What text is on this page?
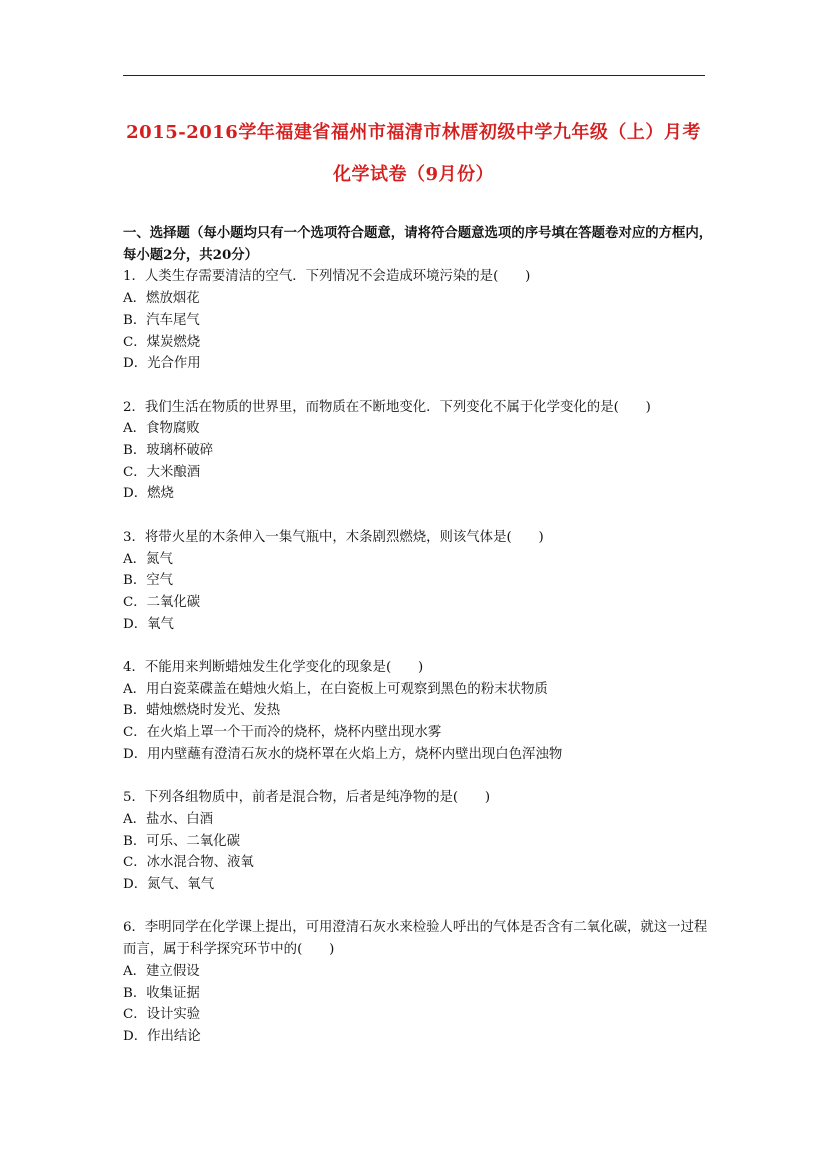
2015-2016学年福建省福州市福清市林厝初级中学九年级（上）月考
化学试卷（9月份）

一、选择题（每小题均只有一个选项符合题意，请将符合题意选项的序号填在答题卷对应的方框内，每小题2分，共20分）

1．人类生存需要清洁的空气．下列情况不会造成环境污染的是(　　)

A．燃放烟花

B．汽车尾气

C．煤炭燃烧

D．光合作用

2．我们生活在物质的世界里，而物质在不断地变化．下列变化不属于化学变化的是(　　)

A．食物腐败

B．玻璃杯破碎

C．大米酿酒

D．燃烧

3．将带火星的木条伸入一集气瓶中，木条剧烈燃烧，则该气体是(　　)

A．氮气

B．空气

C．二氧化碳

D．氧气

4．不能用来判断蜡烛发生化学变化的现象是(　　)

A．用白瓷菜碟盖在蜡烛火焰上，在白瓷板上可观察到黑色的粉末状物质

B．蜡烛燃烧时发光、发热

C．在火焰上罩一个干而冷的烧杯，烧杯内壁出现水雾

D．用内壁蘸有澄清石灰水的烧杯罩在火焰上方，烧杯内壁出现白色浑浊物

5．下列各组物质中，前者是混合物，后者是纯净物的是(　　)

A．盐水、白酒

B．可乐、二氧化碳

C．冰水混合物、液氧

D．氮气、氧气

6．李明同学在化学课上提出，可用澄清石灰水来检验人呼出的气体是否含有二氧化碳，就这一过程而言，属于科学探究环节中的(　　)

A．建立假设

B．收集证据

C．设计实验

D．作出结论
